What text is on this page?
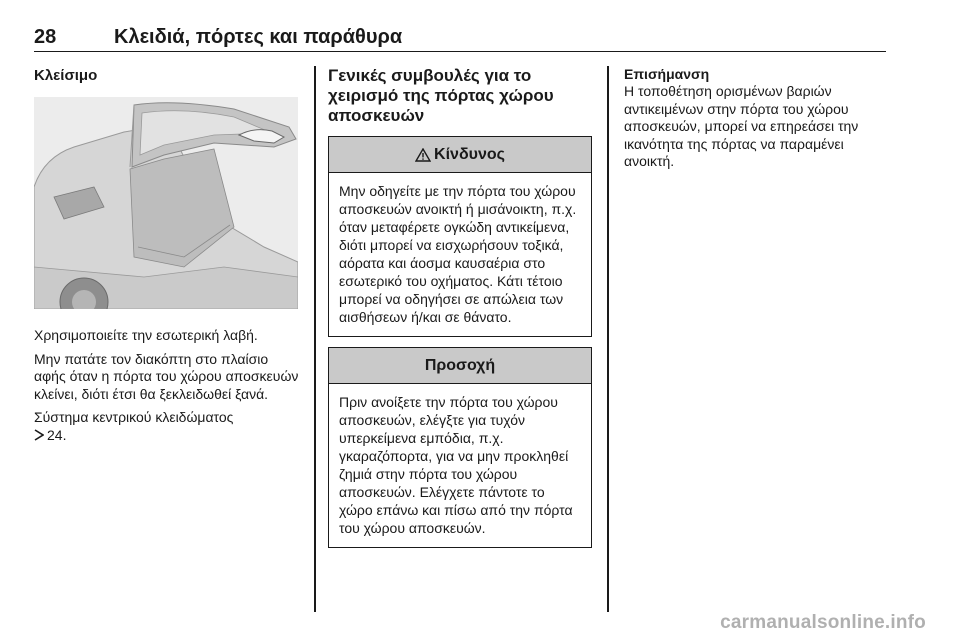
28	Κλειδιά, πόρτες και παράθυρα
Κλείσιμο

Χρησιμοποιείτε την εσωτερική λαβή.

Μην πατάτε τον διακόπτη στο πλαίσιο αφής όταν η πόρτα του χώρου αποσκευών κλείνει, διότι έτσι θα ξεκλειδωθεί ξανά.

Σύστημα κεντρικού κλειδώματος
24.

Γενικές συμβουλές για το χειρισμό της πόρτας χώρου αποσκευών
Κίνδυνος
Μην οδηγείτε με την πόρτα του χώρου αποσκευών ανοικτή ή μισάνοικτη, π.χ. όταν μεταφέρετε ογκώδη αντικείμενα, διότι μπορεί να εισχωρήσουν τοξικά, αόρατα και άοσμα καυσαέρια στο εσωτερικό του οχήματος. Κάτι τέτοιο μπορεί να οδηγήσει σε απώλεια των αισθήσεων ή/και σε θάνατο.
Προσοχή
Πριν ανοίξετε την πόρτα του χώρου αποσκευών, ελέγξτε για τυχόν υπερκείμενα εμπόδια, π.χ. γκαραζόπορτα, για να μην προκληθεί ζημιά στην πόρτα του χώρου αποσκευών. Ελέγχετε πάντοτε το χώρο επάνω και πίσω από την πόρτα του χώρου αποσκευών.
Επισήμανση
Η τοποθέτηση ορισμένων βαριών αντικειμένων στην πόρτα του χώρου αποσκευών, μπορεί να επηρεάσει την ικανότητα της πόρτας να παραμένει ανοικτή.
carmanualsonline.info
